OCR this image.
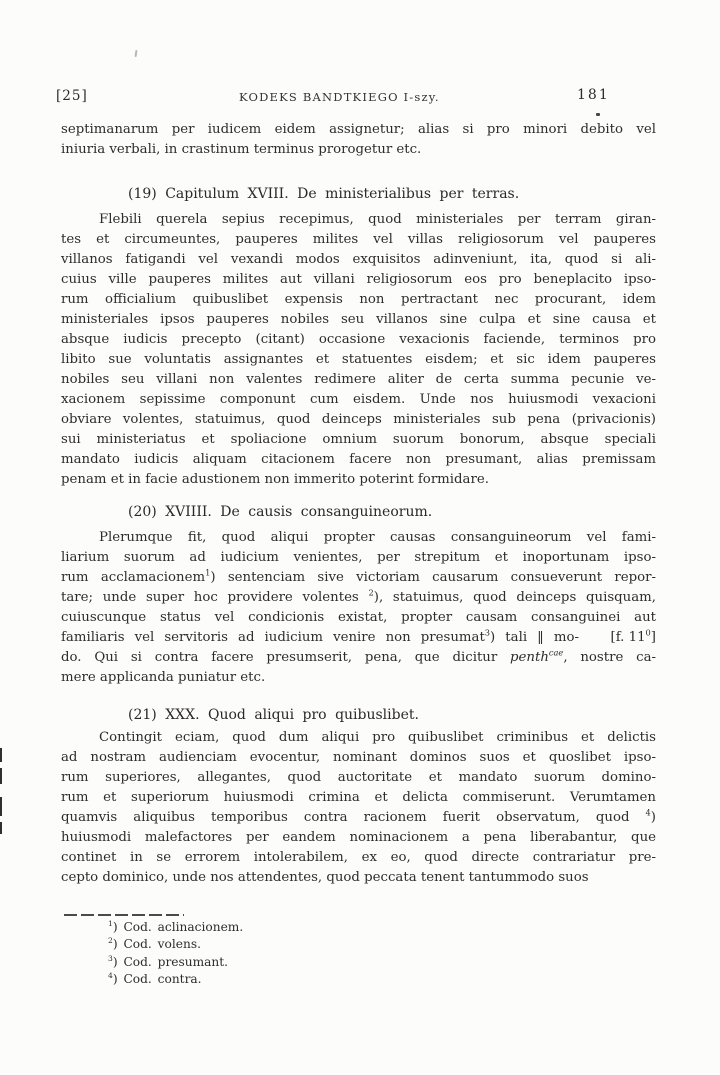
[25]	KODEKS BANDTKIEGO I-szy.	181
septimanarum per iudicem eidem assignetur; alias si pro minori debito vel
iniuria verbali, in crastinum terminus prorogetur etc.
(19) Capitulum XVIII. De ministerialibus per terras.
Flebili querela sepius recepimus, quod ministeriales per terram giran-
tes et circumeuntes, pauperes milites vel villas religiosorum vel pauperes
villanos fatigandi vel vexandi modos exquisitos adinveniunt, ita, quod si ali-
cuius ville pauperes milites aut villani religiosorum eos pro beneplacito ipso-
rum officialium quibuslibet expensis non pertractant nec procurant, idem
ministeriales ipsos pauperes nobiles seu villanos sine culpa et sine causa et
absque iudicis precepto (citant) occasione vexacionis faciende, terminos pro
libito sue voluntatis assignantes et statuentes eisdem; et sic idem pauperes
nobiles seu villani non valentes redimere aliter de certa summa pecunie ve-
xacionem sepissime componunt cum eisdem. Unde nos huiusmodi vexacioni
obviare volentes, statuimus, quod deinceps ministeriales sub pena (privacionis)
sui ministeriatus et spoliacione omnium suorum bonorum, absque speciali
mandato iudicis aliquam citacionem facere non presumant, alias premissam
penam et in facie adustionem non immerito poterint formidare.
(20) XVIIII. De causis consanguineorum.
Plerumque fit, quod aliqui propter causas consanguineorum vel fami-
liarium suorum ad iudicium venientes, per strepitum et inoportunam ipso-
rum acclamacionem$^1$) sentenciam sive victoriam causarum consueverunt repor-
tare; unde super hoc providere volentes $^2$), statuimus, quod deinceps quisquam,
cuiuscunque status vel condicionis existat, propter causam consanguinei aut
familiaris vel servitoris ad iudicium venire non presumat$^3$) tali ‖ mo- [f. $11^0$]
do. Qui si contra facere presumserit, pena, que dicitur penth$^{cae}$, nostre ca-
mere applicanda puniatur etc.
(21) XXX. Quod aliqui pro quibuslibet.
Contingit eciam, quod dum aliqui pro quibuslibet criminibus et delictis
ad nostram audienciam evocentur, nominant dominos suos et quoslibet ipso-
rum superiores, allegantes, quod auctoritate et mandato suorum domino-
rum et superiorum huiusmodi crimina et delicta commiserunt. Verumtamen
quamvis aliquibus temporibus contra racionem fuerit observatum, quod $^4$)
huiusmodi malefactores per eandem nominacionem a pena liberabantur, que
continet in se errorem intolerabilem, ex eo, quod directe contrariatur pre-
cepto dominico, unde nos attendentes, quod peccata tenent tantummodo suos
$^1$) Cod. aclinacionem.
$^2$) Cod. volens.
$^3$) Cod. presumant.
$^4$) Cod. contra.
